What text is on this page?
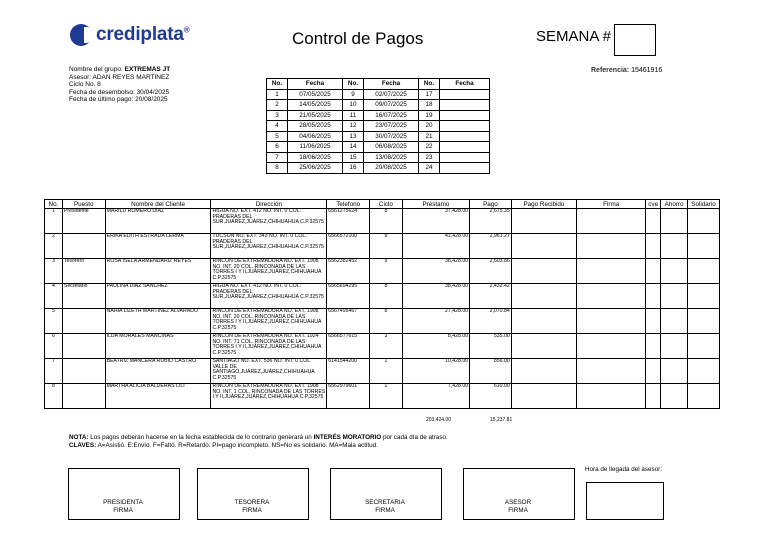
crediplata®	Control de Pagos	SEMANA #
Nombre del grupo: EXTREMAS JT
Asesor: ADAN REYES MARTINEZ
Ciclo No. 8
Fecha de desembolso: 30/04/2025
Fecha de último pago: 20/08/2025
Referencia: 15461916
No.	Fecha	No.	Fecha	No.	Fecha
1	07/05/2025	9	02/07/2025	17	
2	14/05/2025	10	09/07/2025	18	
3	21/05/2025	11	16/07/2025	19	
4	28/05/2025	12	23/07/2025	20	
5	04/06/2025	13	30/07/2025	21	
6	11/06/2025	14	06/08/2025	22	
7	18/06/2025	15	13/08/2025	23	
8	25/06/2025	16	20/08/2025	24	
No.	Puesto	Nombre del Cliente	Dirección	Telefono	Ciclo	Préstamo	Pago	Pago Recibido	Firma	cve	Ahorro	Solidario
1	Presidente	MARILU ROMERO DIAZ	HIGUA NO. EXT. 412 NO. INT. 0 COL. PRADERAS DEL SUR,JUÁREZ,JUÁREZ,CHIHUAHUA C.P.32575	6561275624	8	37,428.00	2,675.35					
2		ERIKA EDITH ESTRADA LERMA	TUCSON NO. EXT. 343 NO. INT. 0 COL. PRADERAS DEL SUR,JUÁREZ,JUÁREZ,CHIHUAHUA C.P.32575	6566572100	9	41,428.00	2,961.27					
3	Tesorero	ROSA ISELA ARMENDARIZ REYES	RINCON DE EXTREMADURA NO. EXT. 1908 NO. INT. 20 COL. RINCONADA DE LAS TORRES I Y II,JUÁREZ,JUÁREZ,CHIHUAHUA C.P.32575	6562382452	9	38,428.00	2,603.86					
4	Secretario	PAULINA DIAZ SANCHEZ	HIGUA NO. EXT. 412 NO. INT. 0 COL. PRADERAS DEL SUR,JUÁREZ,JUÁREZ,CHIHUAHUA C.P.32575	6565694295	8	38,428.00	2,432.42					
5		NAHIA LIZETH MARTINEZ ALVARADO	RINCON DE EXTREMADURA NO. EXT. 1908 NO. INT. 20 COL. RINCONADA DE LAS TORRES I Y II,JUÁREZ,JUÁREZ,CHIHUAHUA C.P.32575	6567495467	8	27,428.00	2,070.84					
6		ILDA MORALES MANCINAS	RINCON DE EXTREMADURA NO. EXT. 1924 NO. INT. 71 COL. RINCONADA DE LAS TORRES I Y II,JUÁREZ,JUÁREZ,CHIHUAHUA C.P.32575	6566577615	3	8,428.00	535.00					
7		BEATRIZ MANCERA RUBIO CASTRO	SANTIAGO NO. EXT. 536 NO. INT. 0 COL. VALLE DE SANTIAGO,JUÁREZ,JUÁREZ,CHIHUAHUA C.P.32575	6141544200	1	10,428.00	856.00					
8		MARTHA ALICIA BALDERAS LILI	RINCON DE EXTREMADURA NO. EXT. 1908 NO. INT. 1 COL. RINCONADA DE LAS TORRES I Y II,JUÁREZ,JUÁREZ,CHIHUAHUA C.P.32575	6562979601	1	7,428.00	610.00					
203,424.00	15,237.81
NOTA: Los pagos deberán hacerse en la fecha establecida de lo contrario generará un INTERÉS MORATORIO por cada día de atraso.
CLAVES: A=Asistió. E:Envío. F=Faltó. R=Retardo. PI=pago incompleto. NS=No es solidario. MA=Mala actitud.
PRESIDENTA
FIRMA
TESORERA
FIRMA
SECRETARIA
FIRMA
ASESOR
FIRMA
Hora de llegada del asesor:
